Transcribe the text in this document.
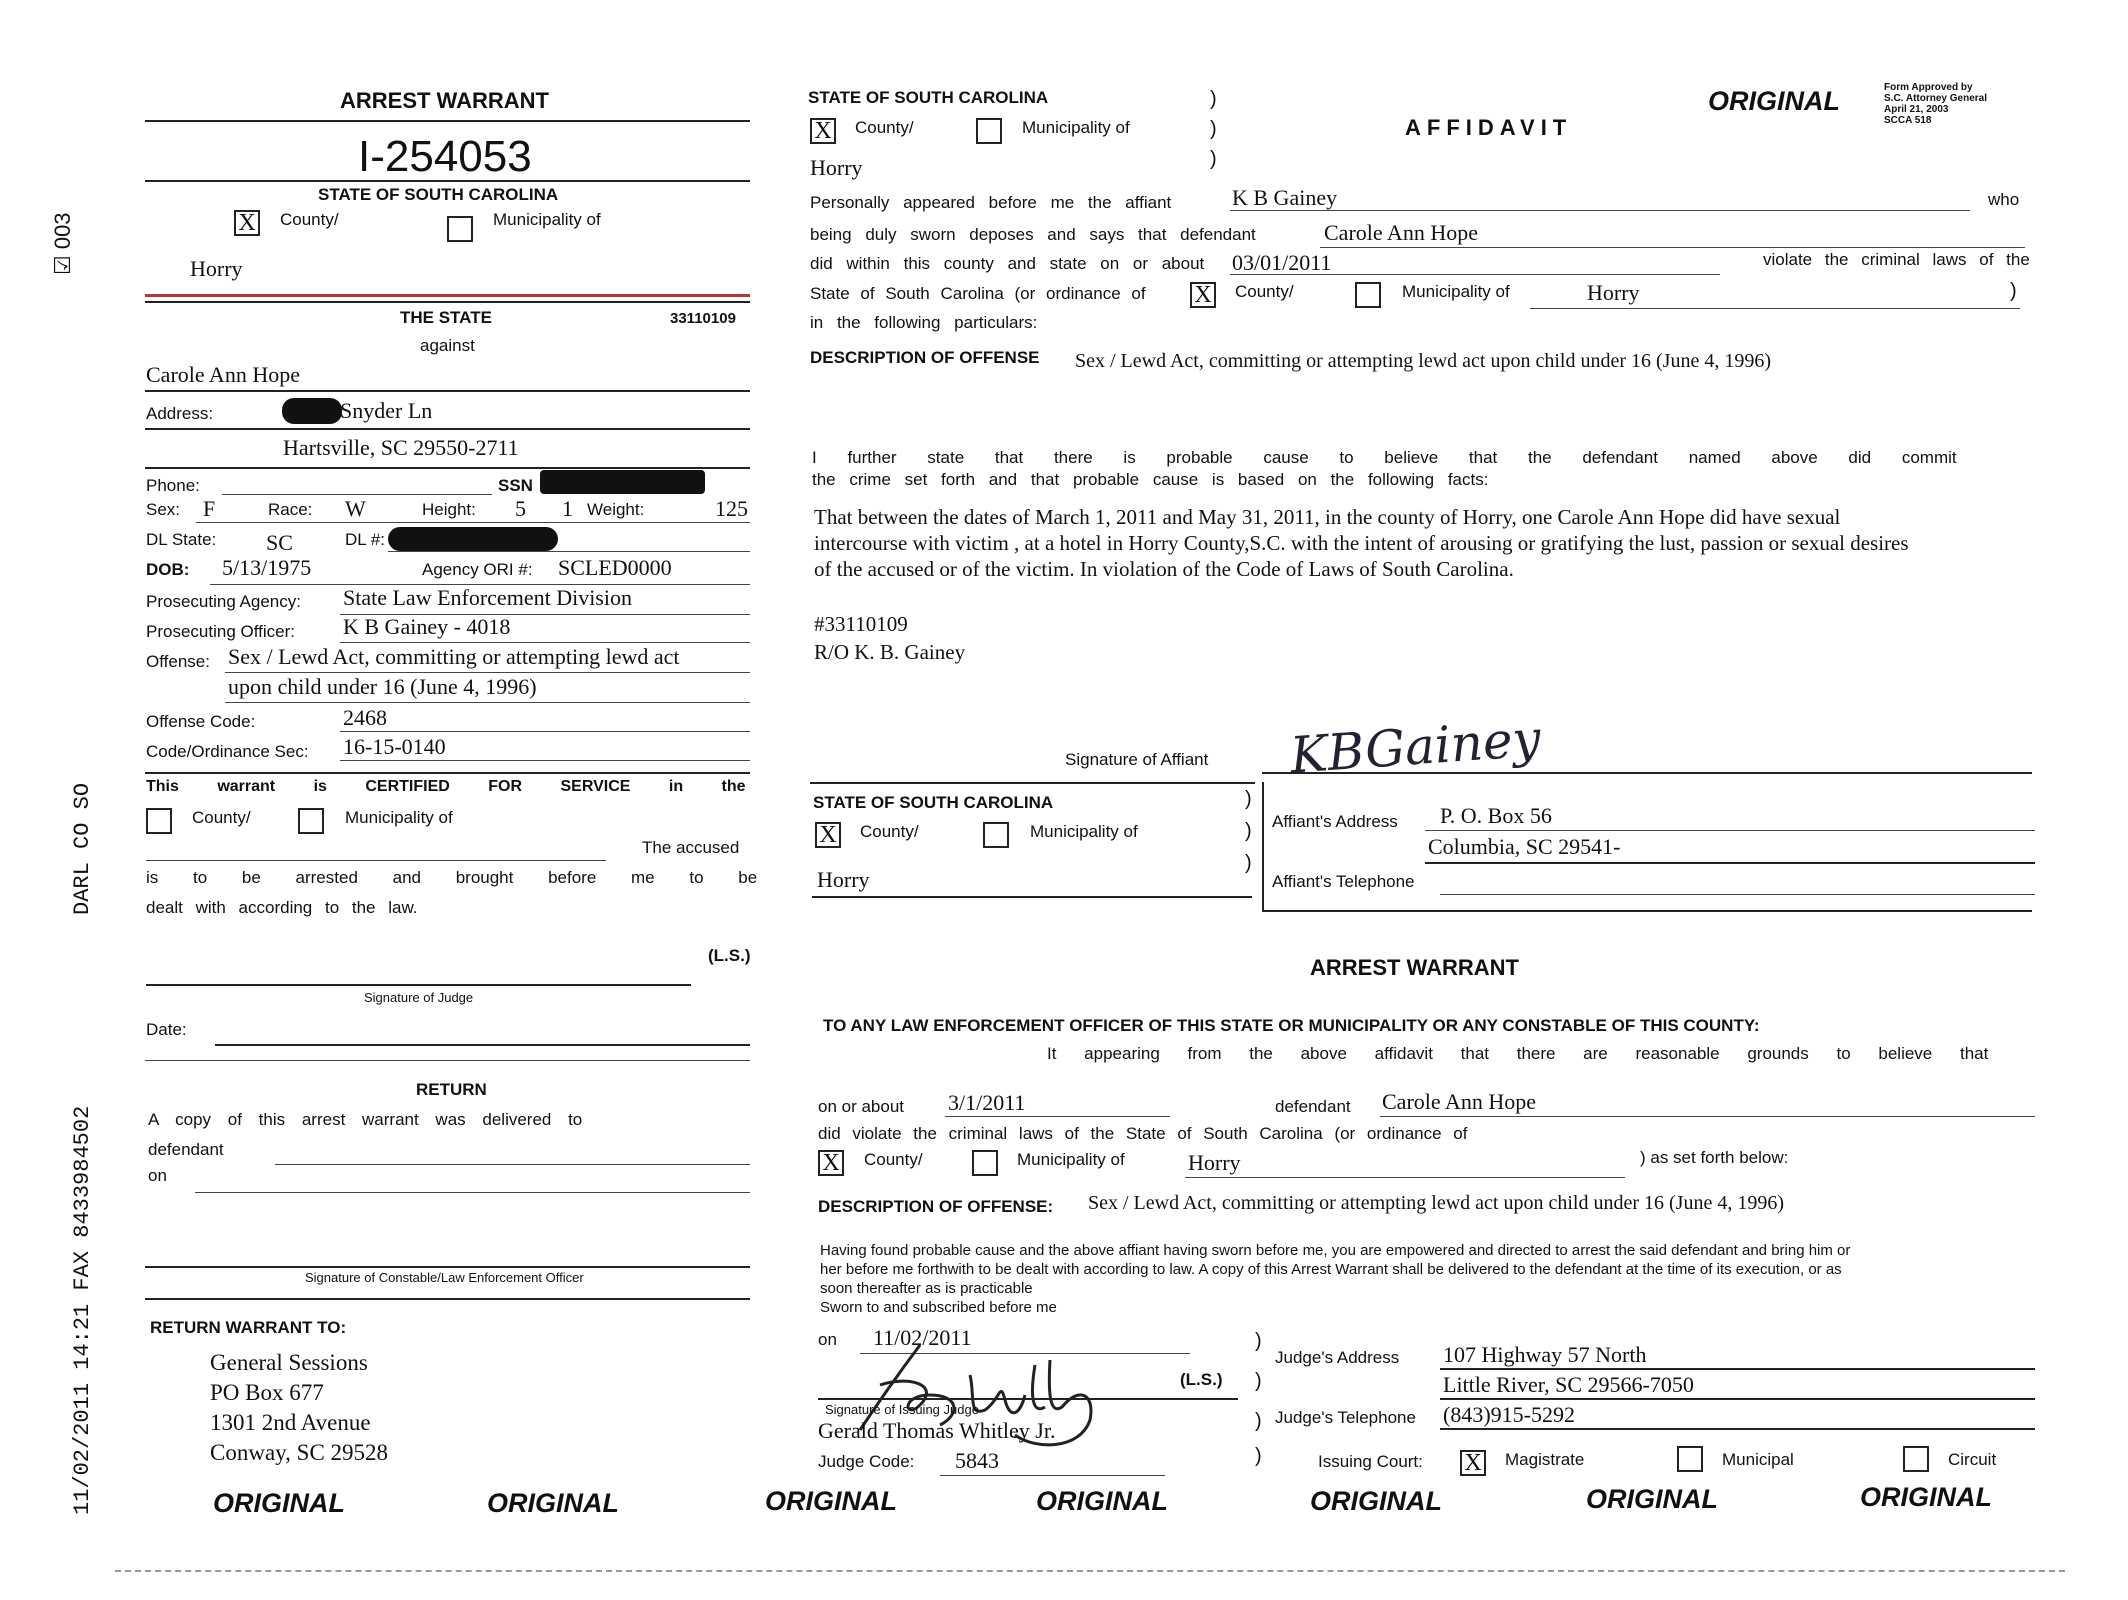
☑ 003
DARL CO SO
11/02/2011 14:21 FAX 8433984502
ARREST WARRANT
I-254053
STATE OF SOUTH CAROLINA
X County/	Municipality of
Horry
THE STATE	33110109
against
Carole Ann Hope
Address:	Snyder Ln
Hartsville, SC 29550-2711
Phone:	SSN
Sex: F	Race: W	Height: 5 1 Weight:	125
DL State: SC	DL #:
DOB: 5/13/1975	Agency ORI #: SCLED0000
Prosecuting Agency: State Law Enforcement Division
Prosecuting Officer: K B Gainey - 4018
Offense: Sex / Lewd Act, committing or attempting lewd act
upon child under 16 (June 4, 1996)
Offense Code:	2468
Code/Ordinance Sec: 16-15-0140
This warrant is CERTIFIED FOR SERVICE in the
County/	Municipality of
The accused
is to be arrested and brought before me to be
dealt with according to the law.
(L.S.)
Signature of Judge
Date:
RETURN
A copy of this arrest warrant was delivered to
defendant
on
Signature of Constable/Law Enforcement Officer
RETURN WARRANT TO:
General Sessions
PO Box 677
1301 2nd Avenue
Conway, SC 29528
STATE OF SOUTH CAROLINA
X County/	Municipality of
Horry
)
)
)
AFFIDAVIT
ORIGINAL	Form Approved by
S.C. Attorney General
April 21, 2003
SCCA 518
Personally appeared before me the affiant	K B Gainey	who
being duly sworn deposes and says that defendant	Carole Ann Hope
did within this county and state on or about 03/01/2011	violate the criminal laws of the
State of South Carolina (or ordinance of X County/	Municipality of	Horry	)
in the following particulars:
DESCRIPTION OF OFFENSE Sex / Lewd Act, committing or attempting lewd act upon child under 16 (June 4, 1996)
I further state that there is probable cause to believe that the defendant named above did commit
the crime set forth and that probable cause is based on the following facts:
That between the dates of March 1, 2011 and May 31, 2011, in the county of Horry, one Carole Ann Hope did have sexual
intercourse with victim , at a hotel in Horry County,S.C. with the intent of arousing or gratifying the lust, passion or sexual desires
of the accused or of the victim. In violation of the Code of Laws of South Carolina.
#33110109
R/O K. B. Gainey
Signature of Affiant KBGainey
STATE OF SOUTH CAROLINA
X County/	Municipality of
Horry
)
)
)
Affiant's Address P. O. Box 56
Columbia, SC 29541-
Affiant's Telephone
ARREST WARRANT
TO ANY LAW ENFORCEMENT OFFICER OF THIS STATE OR MUNICIPALITY OR ANY CONSTABLE OF THIS COUNTY:
It appearing from the above affidavit that there are reasonable grounds to believe that
on or about 3/1/2011	defendant Carole Ann Hope
did violate the criminal laws of the State of South Carolina (or ordinance of
X County/	Municipality of	Horry	) as set forth below:
DESCRIPTION OF OFFENSE: Sex / Lewd Act, committing or attempting lewd act upon child under 16 (June 4, 1996)
Having found probable cause and the above affiant having sworn before me, you are empowered and directed to arrest the said defendant and bring him or
her before me forthwith to be dealt with according to law. A copy of this Arrest Warrant shall be delivered to the defendant at the time of its execution, or as
soon thereafter as is practicable
Sworn to and subscribed before me
on 11/02/2011
(L.S.)
Signature of Issuing Judge
Gerald Thomas Whitley Jr.
Judge Code: 5843
)
)
)
)
Judge's Address 107 Highway 57 North
Little River, SC 29566-7050
Judge's Telephone (843)915-5292
Issuing Court: X Magistrate	Municipal	Circuit
ORIGINAL	ORIGINAL	ORIGINAL	ORIGINAL	ORIGINAL	ORIGINAL	ORIGINAL
